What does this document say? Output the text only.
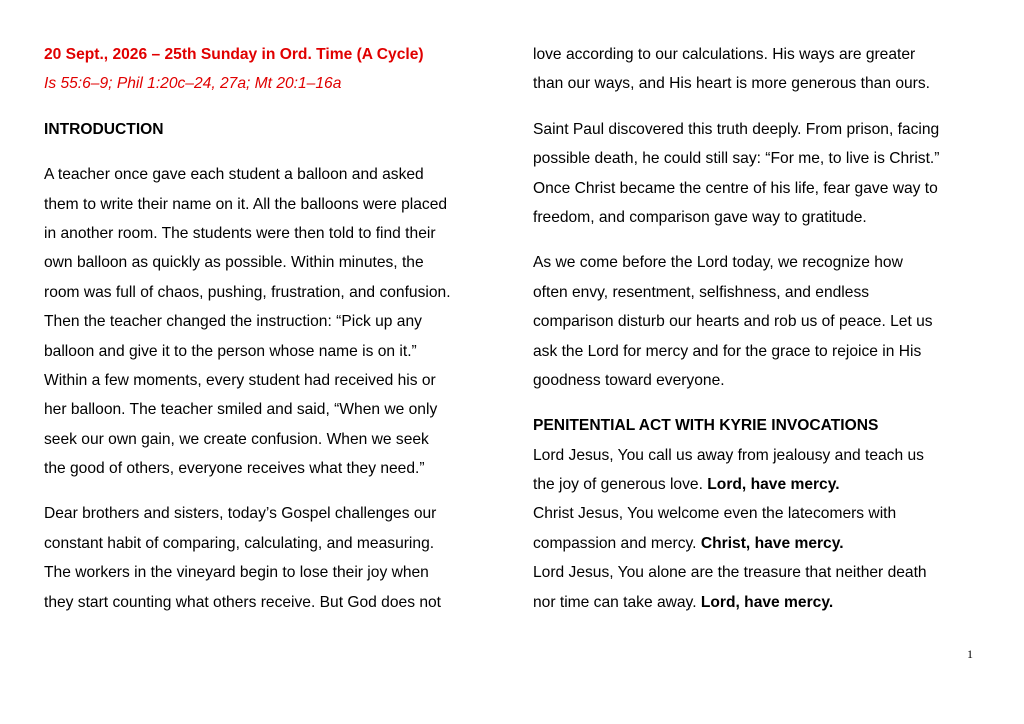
20 Sept., 2026 – 25th Sunday in Ord. Time (A Cycle)
Is 55:6–9; Phil 1:20c–24, 27a; Mt 20:1–16a
INTRODUCTION
A teacher once gave each student a balloon and asked
them to write their name on it. All the balloons were placed
in another room. The students were then told to find their
own balloon as quickly as possible. Within minutes, the
room was full of chaos, pushing, frustration, and confusion.
Then the teacher changed the instruction: “Pick up any
balloon and give it to the person whose name is on it.”
Within a few moments, every student had received his or
her balloon. The teacher smiled and said, “When we only
seek our own gain, we create confusion. When we seek
the good of others, everyone receives what they need.”
Dear brothers and sisters, today’s Gospel challenges our
constant habit of comparing, calculating, and measuring.
The workers in the vineyard begin to lose their joy when
they start counting what others receive. But God does not
love according to our calculations. His ways are greater
than our ways, and His heart is more generous than ours.
Saint Paul discovered this truth deeply. From prison, facing
possible death, he could still say: “For me, to live is Christ.”
Once Christ became the centre of his life, fear gave way to
freedom, and comparison gave way to gratitude.
As we come before the Lord today, we recognize how
often envy, resentment, selfishness, and endless
comparison disturb our hearts and rob us of peace. Let us
ask the Lord for mercy and for the grace to rejoice in His
goodness toward everyone.
PENITENTIAL ACT WITH KYRIE INVOCATIONS
Lord Jesus, You call us away from jealousy and teach us
the joy of generous love. Lord, have mercy.
Christ Jesus, You welcome even the latecomers with
compassion and mercy. Christ, have mercy.
Lord Jesus, You alone are the treasure that neither death
nor time can take away. Lord, have mercy.
1
